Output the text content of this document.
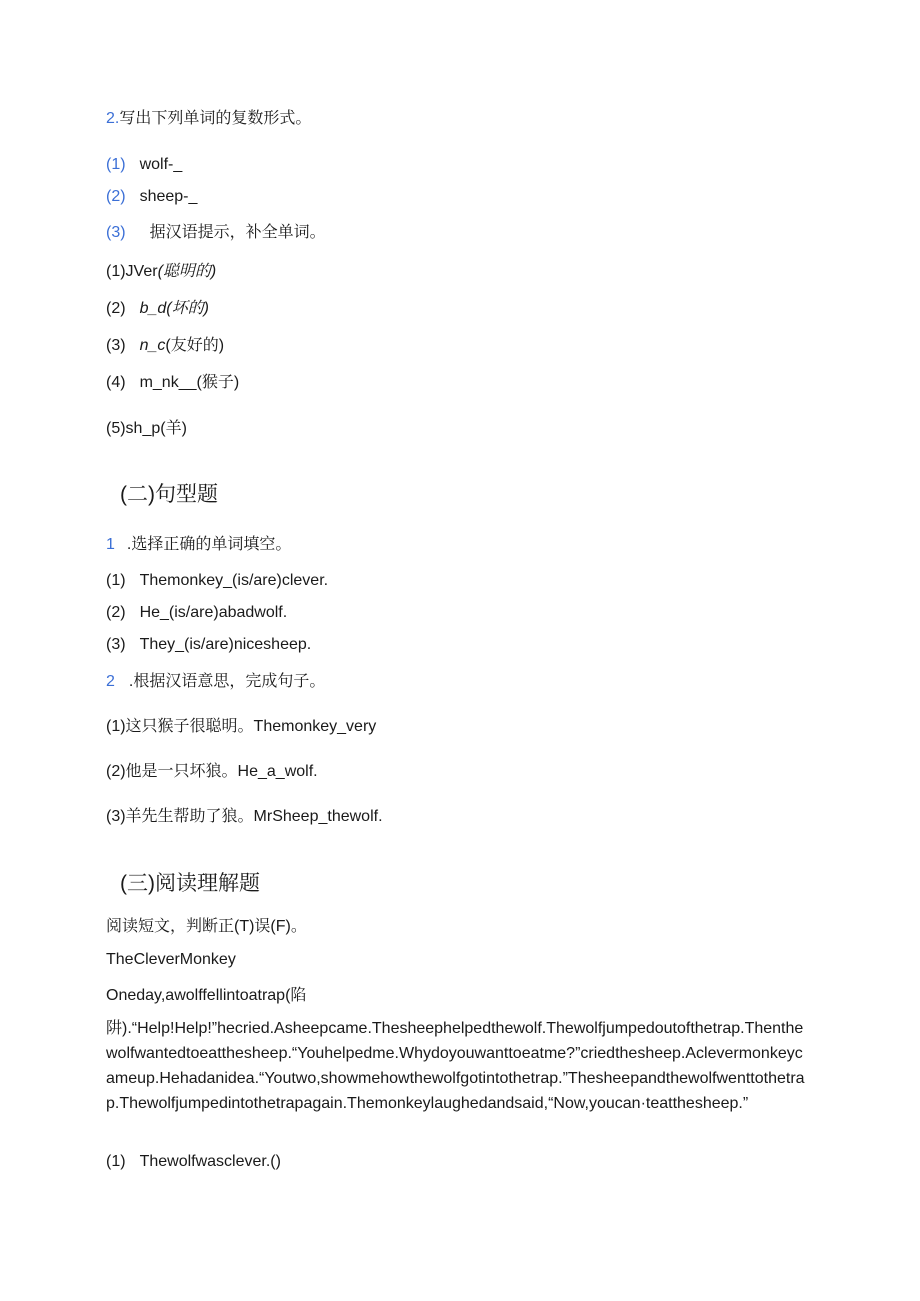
2.写出下列单词的复数形式。
(1) wolf-_
(2) sheep-_
(3) 据汉语提示，补全单词。
(1)JVer(聪明的)
(2) b_d(坏的)
(3) n_c(友好的)
(4) m_nk__(猴子)
(5)sh_p(羊)
(二)句型题
1 .选择正确的单词填空。
(1) Themonkey_(is/are)clever.
(2) He_(is/are)abadwolf.
(3) They_(is/are)nicesheep.
2 .根据汉语意思，完成句子。
(1)这只猴子很聪明。Themonkey_very
(2)他是一只坏狼。He_a_wolf.
(3)羊先生帮助了狼。MrSheep_thewolf.
(三)阅读理解题
阅读短文，判断正(T)误(F)。
TheCleverMonkey
Oneday,awolffellintoatrap(陷
阱).“Help!Help!”hecried.Asheepcame.Thesheephelpedthewolf.Thewolfjumpedoutofthetrap.Thenthewolfwantedtoeatthesheep.“Youhelpedme.Whydoyouwanttoeatme?”criedthesheep.Aclevermonkeycameup.Hehadanidea.“Youtwo,showmehowthewolfgotintothetrap.”Thesheepandthewolfwenttothetrap.Thewolfjumpedintothetrapagain.Themonkeylaughedandsaid,“Now,youcan·teatthesheep.”
(1) Thewolfwasclever.()
